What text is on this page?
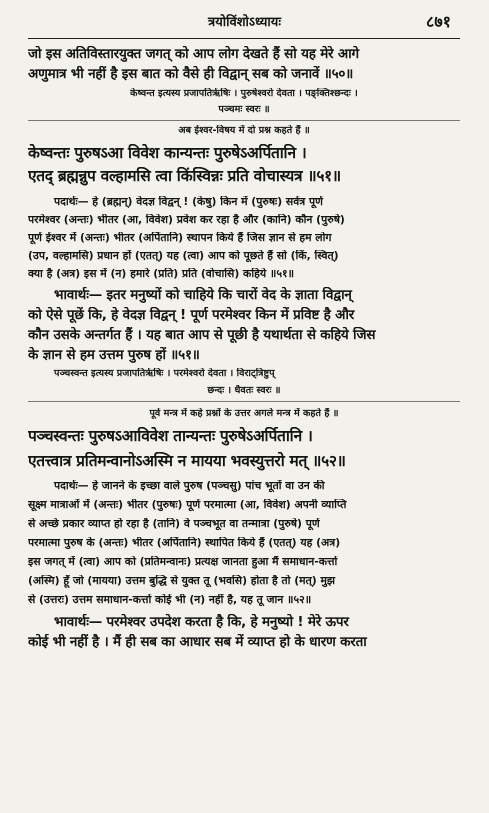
त्रयोविंशोऽध्यायः	८७१
जो इस अतिविस्तारयुक्त जगत् को आप लोग देखते हैं सो यह मेरे आगे
अणुमात्र भी नहीं है इस बात को वैसे ही विद्वान् सब को जनावें ॥५०॥
केष्वन्त इत्यस्य प्रजापतिर्ऋषिः । पुरुषेश्वरो देवता । पङ्क्तिश्छन्दः ।
पञ्चमः स्वरः ॥
अब ईश्वर-विषय में दो प्रश्न कहते हैं ॥
केष्वन्तः पुरुषऽआ विवेश कान्यन्तः पुरुषेऽअर्पितानि ।
एतद् ब्रह्मन्नुप वल्हामसि त्वा किंस्विन्नः प्रति वोचास्यत्र ॥५१॥
पदार्थः— हे (ब्रह्मन्) वेदज्ञ विद्वन् ! (केषु) किन में (पुरुषः) सर्वत्र पूर्ण
परमेश्वर (अन्तः) भीतर (आ, विवेश) प्रवेश कर रहा है और (कानि) कौन (पुरुषे)
पूर्ण ईश्वर में (अन्तः) भीतर (अर्पितानि) स्थापन किये हैं जिस ज्ञान से हम लोग
(उप, वल्हामसि) प्रधान हों (एतत्) यह (त्वा) आप को पूछते हैं सो (किं, स्वित्)
क्या है (अत्र) इस में (न) हमारे (प्रति) प्रति (वोचासि) कहिये ॥५१॥
भावार्थः— इतर मनुष्यों को चाहिये कि चारों वेद के ज्ञाता विद्वान्
को ऐसे पूछें कि, हे वेदज्ञ विद्वन् ! पूर्ण परमेश्वर किन में प्रविष्ट है और
कौन उसके अन्तर्गत हैं । यह बात आप से पूछी है यथार्थता से कहिये जिस
के ज्ञान से हम उत्तम पुरुष हों ॥५१॥
पञ्चस्वन्त इत्यस्य प्रजापतिर्ऋषिः । परमेश्वरो देवता । विराट्त्रिष्टुप्
छन्दः । धैवतः स्वरः ॥
पूर्व मन्त्र में कहे प्रश्नों के उत्तर अगले मन्त्र में कहते हैं ॥
पञ्चस्वन्तः पुरुषऽआविवेश तान्यन्तः पुरुषेऽअर्पितानि ।
एतत्त्वात्र प्रतिमन्वानोऽअस्मि न मायया भवस्युत्तरो मत् ॥५२॥
पदार्थः— हे जानने के इच्छा वाले पुरुष (पञ्चसु) पांच भूतों वा उन की
सूक्ष्म मात्राओं में (अन्तः) भीतर (पुरुषः) पूर्ण परमात्मा (आ, विवेश) अपनी व्याप्ति
से अच्छे प्रकार व्याप्त हो रहा है (तानि) वे पञ्चभूत वा तन्मात्रा (पुरुषे) पूर्ण
परमात्मा पुरुष के (अन्तः) भीतर (अर्पितानि) स्थापित किये हैं (एतत्) यह (अत्र)
इस जगत् में (त्वा) आप को (प्रतिमन्वानः) प्रत्यक्ष जानता हुआ मैं समाधान-कर्त्ता
(अस्मि) हूँ जो (मायया) उत्तम बुद्धि से युक्त तू (भवसि) होता है तो (मत्) मुझ
से (उत्तरः) उत्तम समाधान-कर्त्ता कोई भी (न) नहीं है, यह तू जान ॥५२॥
भावार्थः— परमेश्वर उपदेश करता है कि, हे मनुष्यो ! मेरे ऊपर
कोई भी नहीं है । मैं ही सब का आधार सब में व्याप्त हो के धारण करता
